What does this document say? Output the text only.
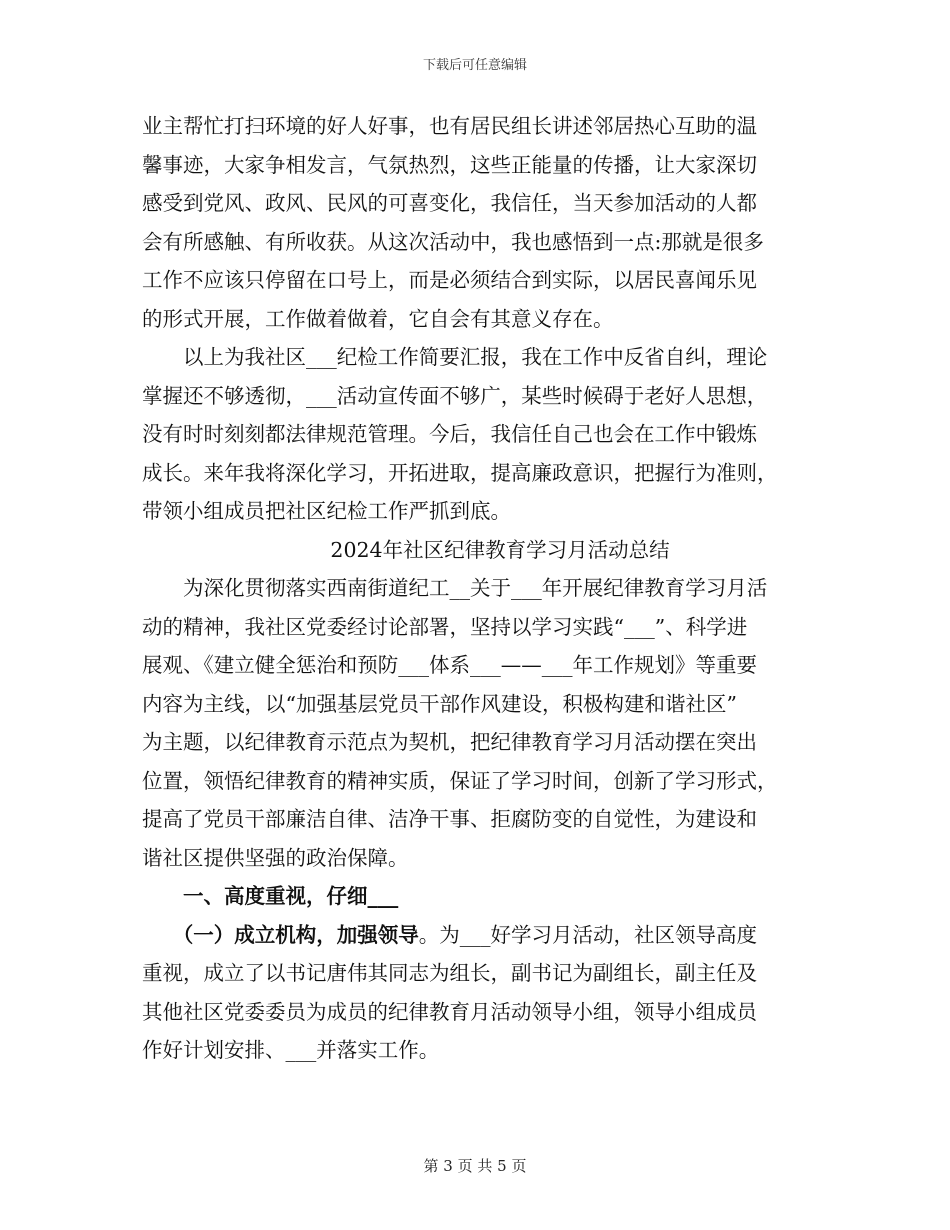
下载后可任意编辑
业主帮忙打扫环境的好人好事，也有居民组长讲述邻居热心互助的温
馨事迹，大家争相发言，气氛热烈，这些正能量的传播，让大家深切
感受到党风、政风、民风的可喜变化，我信任，当天参加活动的人都
会有所感触、有所收获。从这次活动中，我也感悟到一点:那就是很多
工作不应该只停留在口号上，而是必须结合到实际，以居民喜闻乐见
的形式开展，工作做着做着，它自会有其意义存在。
　　以上为我社区___纪检工作简要汇报，我在工作中反省自纠，理论
掌握还不够透彻，___活动宣传面不够广，某些时候碍于老好人思想，
没有时时刻刻都法律规范管理。今后，我信任自己也会在工作中锻炼
成长。来年我将深化学习，开拓进取，提高廉政意识，把握行为准则，
带领小组成员把社区纪检工作严抓到底。
2024年社区纪律教育学习月活动总结
　　为深化贯彻落实西南街道纪工__关于___年开展纪律教育学习月活
动的精神，我社区党委经讨论部署，坚持以学习实践“___”、科学进
展观、《建立健全惩治和预防___体系___——___年工作规划》等重要
内容为主线，以“加强基层党员干部作风建设，积极构建和谐社区”
为主题，以纪律教育示范点为契机，把纪律教育学习月活动摆在突出
位置，领悟纪律教育的精神实质，保证了学习时间，创新了学习形式，
提高了党员干部廉洁自律、洁净干事、拒腐防变的自觉性，为建设和
谐社区提供坚强的政治保障。
　　一、高度重视，仔细___
　　（一）成立机构，加强领导。为___好学习月活动，社区领导高度
重视，成立了以书记唐伟其同志为组长，副书记为副组长，副主任及
其他社区党委委员为成员的纪律教育月活动领导小组，领导小组成员
作好计划安排、___并落实工作。
第 3 页 共 5 页
